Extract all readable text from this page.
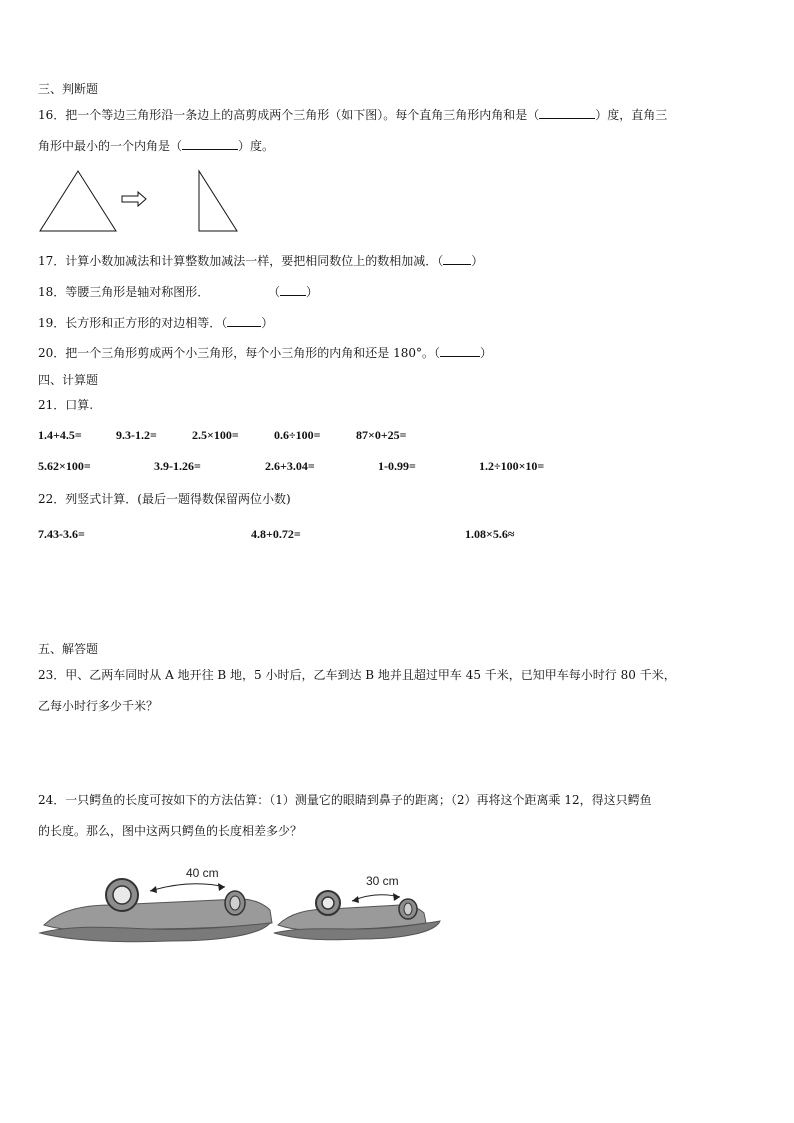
三、判断题
16．把一个等边三角形沿一条边上的高剪成两个三角形（如下图）。每个直角三角形内角和是（	）度，直角三
角形中最小的一个内角是（	）度。
17．计算小数加减法和计算整数加减法一样，要把相同数位上的数相加减．（ ）
18．等腰三角形是轴对称图形．	（ ）
19．长方形和正方形的对边相等．（	）
20．把一个三角形剪成两个小三角形，每个小三角形的内角和还是 180°。（	）
四、计算题
21．口算.
1.4+4.5=	9.3-1.2=	2.5×100=	0.6÷100=	87×0+25=
5.62×100=	3.9-1.26=	2.6+3.04=	1-0.99=	1.2÷100×10=
22．列竖式计算．(最后一题得数保留两位小数)
7.43-3.6=	4.8+0.72=	1.08×5.6≈
五、解答题
23．甲、乙两车同时从 A 地开往 B 地，5 小时后，乙车到达 B 地并且超过甲车 45 千米，已知甲车每小时行 80 千米，
乙每小时行多少千米？
24．一只鳄鱼的长度可按如下的方法估算：（1）测量它的眼睛到鼻子的距离；（2）再将这个距离乘 12，得这只鳄鱼
的长度。那么，图中这两只鳄鱼的长度相差多少？
40 cm
30 cm
